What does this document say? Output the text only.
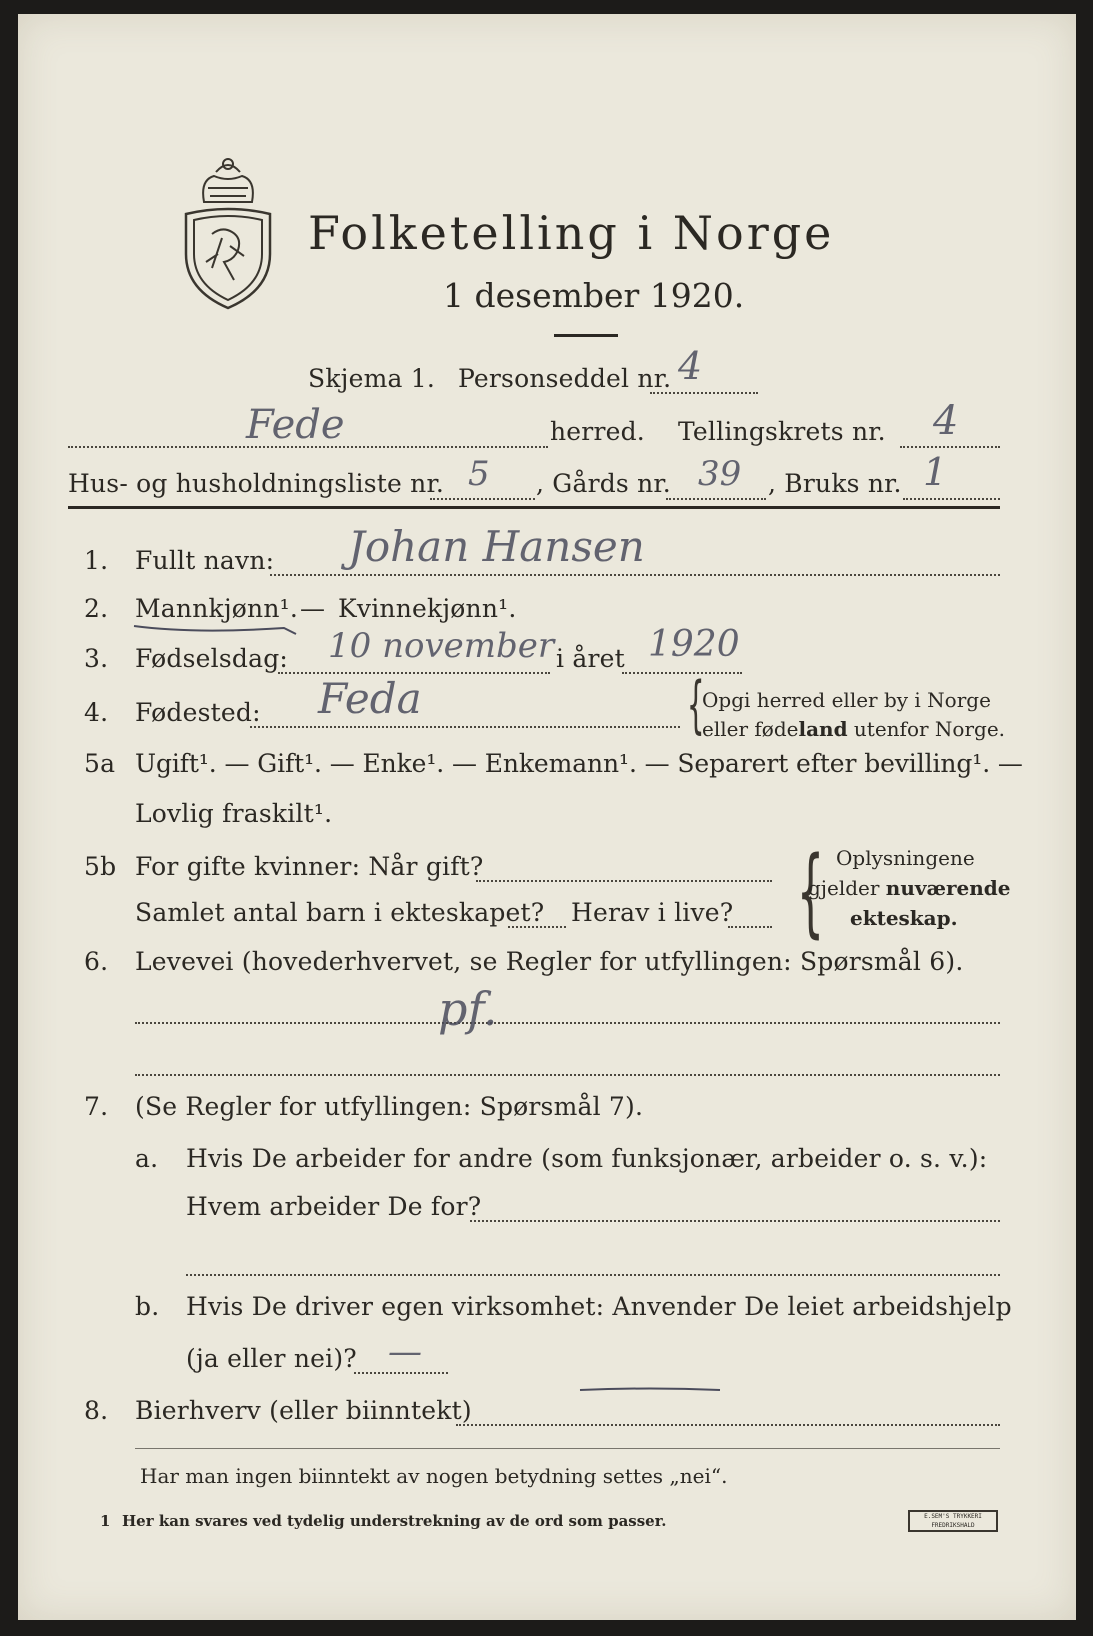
Folketelling i Norge
1 desember 1920.
Skjema 1. Personseddel nr. 4
Fede	herred. Tellingskrets nr. 4
Hus- og husholdningsliste nr. 5 , Gårds nr. 39 , Bruks nr. 1
1. Fullt navn: Johan Hansen
2. Mannkjønn¹. — Kvinnekjønn¹.
3. Fødselsdag: 10 november i året 1920
4. Fødested: Feda	{
Opgi herred eller by i Norge
eller fødeland utenfor Norge.
5a Ugift¹. — Gift¹. — Enke¹. — Enkemann¹. — Separert efter bevilling¹. —
Lovlig fraskilt¹.
5b For gifte kvinner: Når gift?
Samlet antal barn i ekteskapet? Herav i live? { Oplysningene
gjelder nuværende
ekteskap.
6. Levevei (hovederhvervet, se Regler for utfyllingen: Spørsmål 6).
pf.
7. (Se Regler for utfyllingen: Spørsmål 7).
a. Hvis De arbeider for andre (som funksjonær, arbeider o. s. v.):
Hvem arbeider De for?
b. Hvis De driver egen virksomhet: Anvender De leiet arbeidshjelp
(ja eller nei)? —
8. Bierhverv (eller biinntekt)
Har man ingen biinntekt av nogen betydning settes „nei“.
1 Her kan svares ved tydelig understrekning av de ord som passer.	E.SEM'S TRYKKERI FREDRIKSHALD
